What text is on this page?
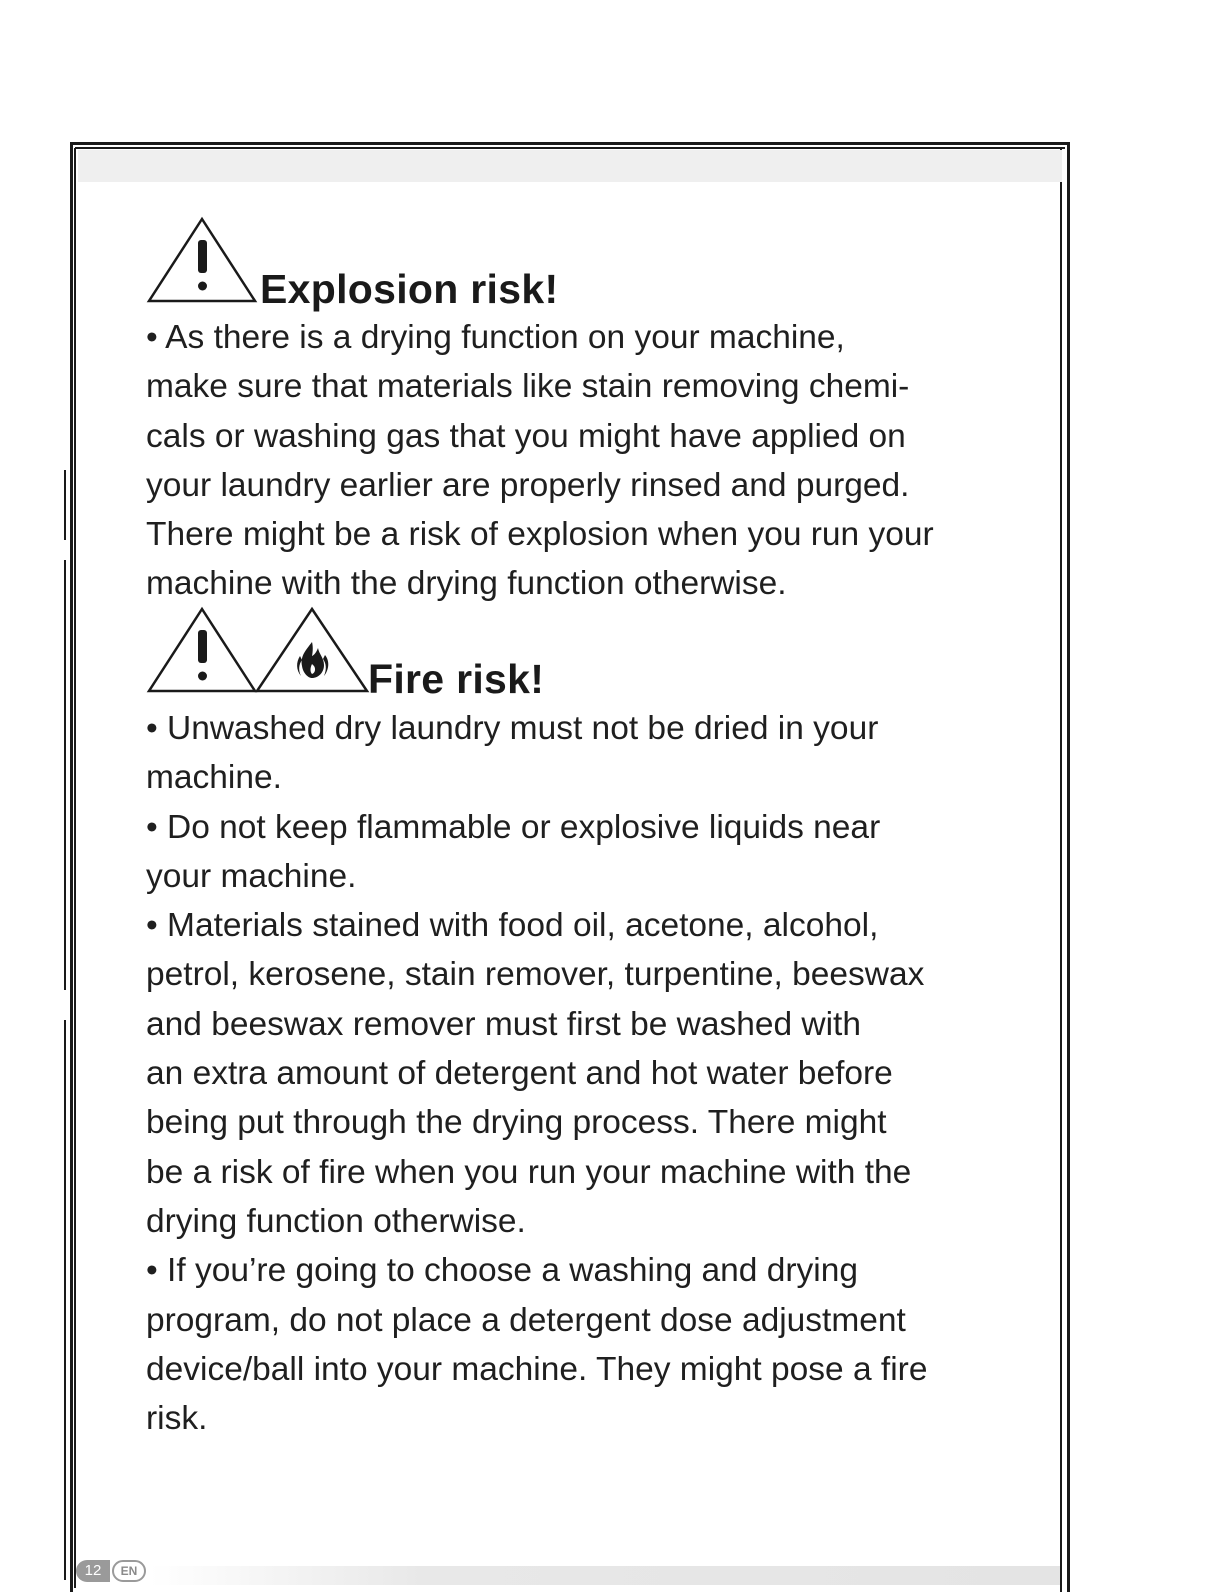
Explosion risk!

• As there is a drying function on your machine,

make sure that materials like stain removing chemi-

cals or washing gas that you might have applied on

your laundry earlier are properly rinsed and purged.

There might be a risk of explosion when you run your

machine with the drying function otherwise.

Fire risk!

• Unwashed dry laundry must not be dried in your

machine.

• Do not keep flammable or explosive liquids near

your machine.

• Materials stained with food oil, acetone, alcohol,

petrol, kerosene, stain remover, turpentine, beeswax

and beeswax remover must first be washed with

an extra amount of detergent and hot water before

being put through the drying process. There might

be a risk of fire when you run your machine with the

drying function otherwise.

• If you’re going to choose a washing and drying

program, do not place a detergent dose adjustment

device/ball into your machine. They might pose a fire

risk.

12	EN
